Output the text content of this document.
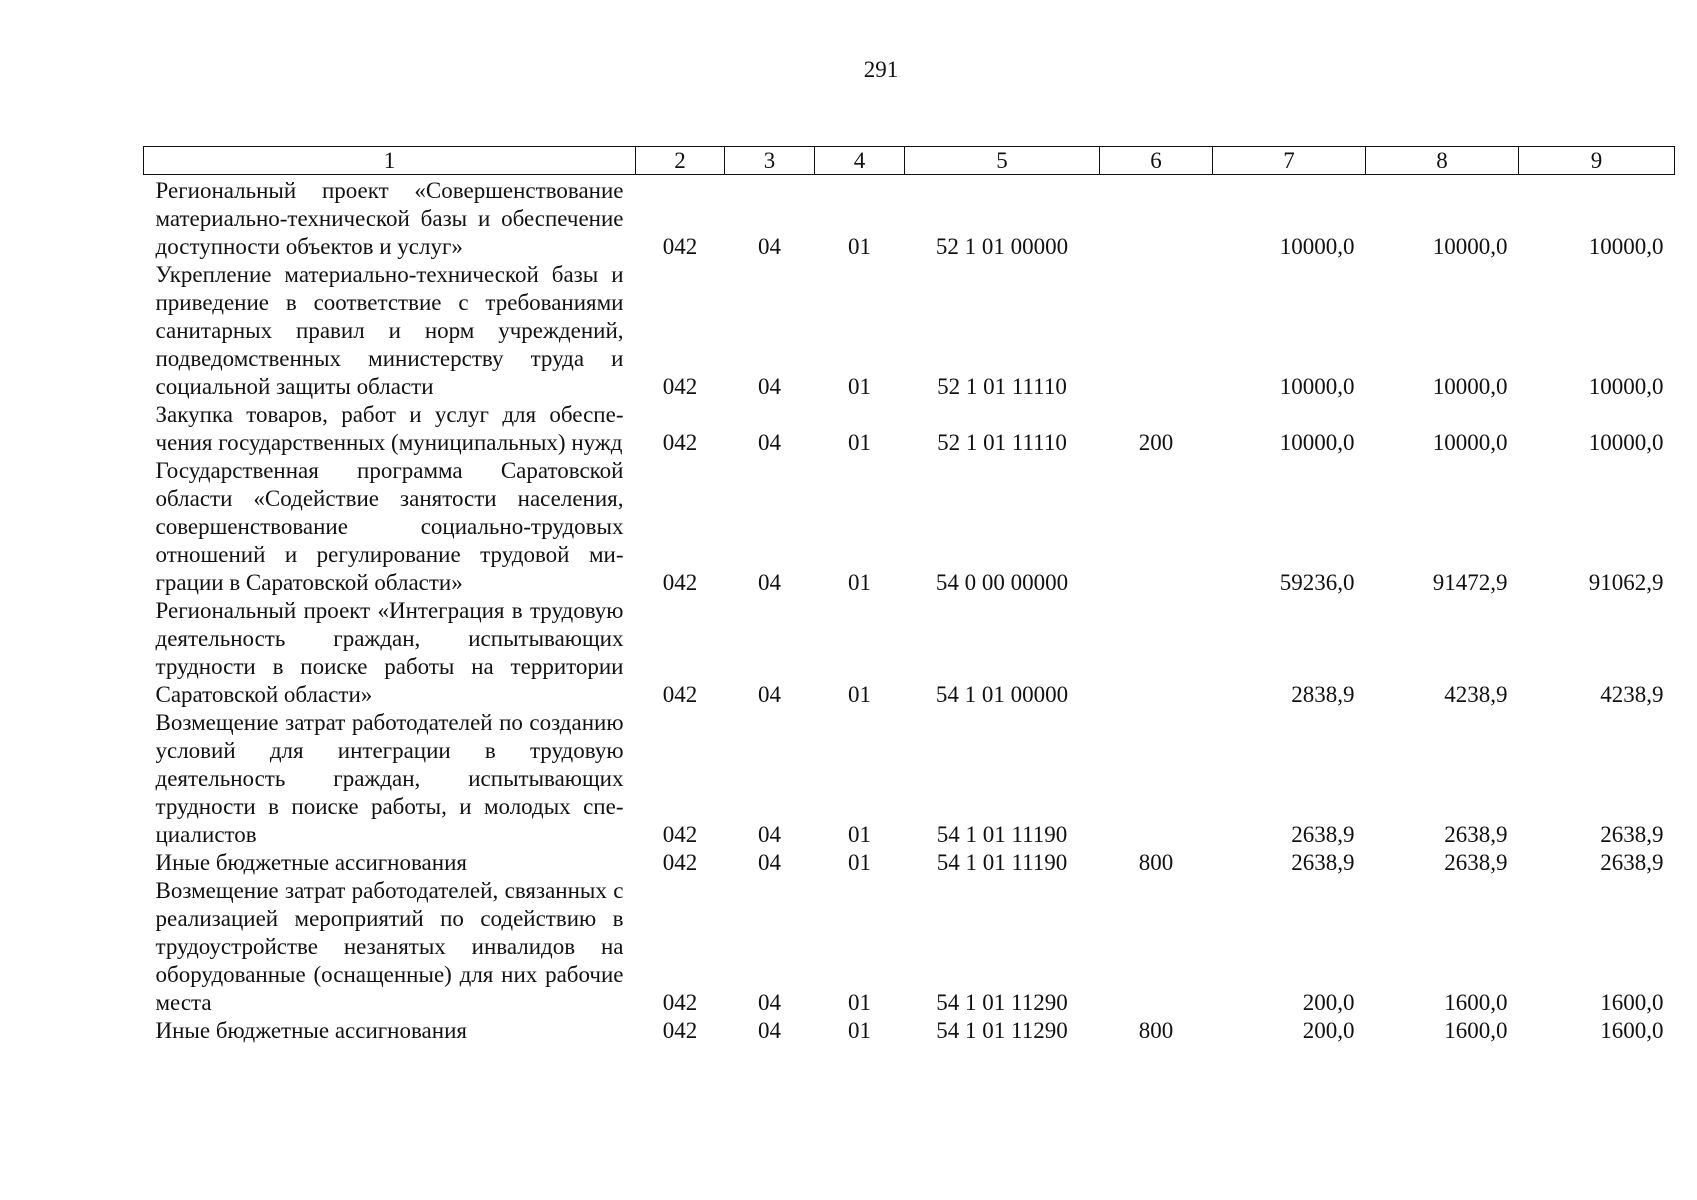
291
1	2	3	4	5	6	7	8	9
Региональный проект «Совершенствование материально-технической базы и обеспечение доступности объектов и услуг»	042	04	01	52 1 01 00000		10000,0	10000,0	10000,0
Укрепление материально-технической базы и приведение в соответствие с требованиями санитарных правил и норм учреждений, подведомственных министерству труда и социальной защиты области	042	04	01	52 1 01 11110		10000,0	10000,0	10000,0
Закупка товаров, работ и услуг для обеспечения государственных (муниципальных) нужд	042	04	01	52 1 01 11110	200	10000,0	10000,0	10000,0
Государственная программа Саратовской области «Содействие занятости населения, совершенствование социально-трудовых отношений и регулирование трудовой миграции в Саратовской области»	042	04	01	54 0 00 00000		59236,0	91472,9	91062,9
Региональный проект «Интеграция в трудовую деятельность граждан, испытывающих трудности в поиске работы на территории Саратовской области»	042	04	01	54 1 01 00000		2838,9	4238,9	4238,9
Возмещение затрат работодателей по созданию условий для интеграции в трудовую деятельность граждан, испытывающих трудности в поиске работы, и молодых специалистов	042	04	01	54 1 01 11190		2638,9	2638,9	2638,9
Иные бюджетные ассигнования	042	04	01	54 1 01 11190	800	2638,9	2638,9	2638,9
Возмещение затрат работодателей, связанных с реализацией мероприятий по содействию в трудоустройстве незанятых инвалидов на оборудованные (оснащенные) для них рабочие места	042	04	01	54 1 01 11290		200,0	1600,0	1600,0
Иные бюджетные ассигнования	042	04	01	54 1 01 11290	800	200,0	1600,0	1600,0
